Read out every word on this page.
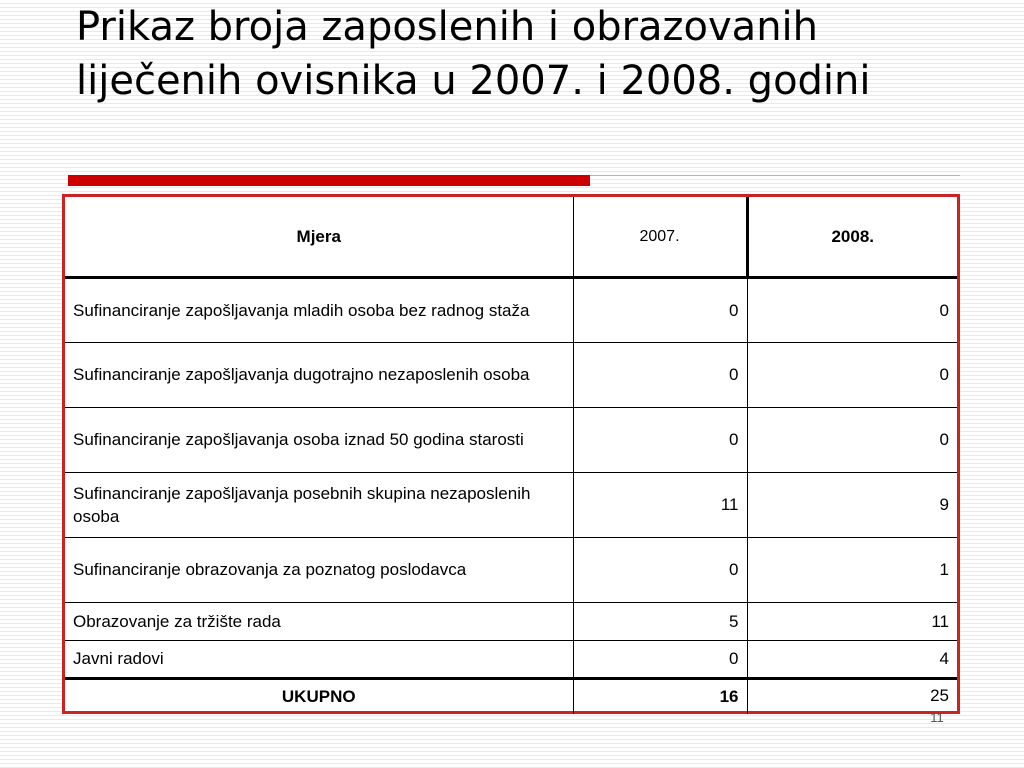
Prikaz broja zaposlenih i obrazovanih liječenih ovisnika u 2007. i 2008. godini
Mjera	2007.	2008.
Sufinanciranje zapošljavanja mladih osoba bez radnog staža	0	0
Sufinanciranje zapošljavanja dugotrajno nezaposlenih osoba	0	0
Sufinanciranje zapošljavanja osoba iznad 50 godina starosti	0	0
Sufinanciranje zapošljavanja posebnih skupina nezaposlenih osoba	11	9
Sufinanciranje obrazovanja za poznatog poslodavca	0	1
Obrazovanje za tržište rada	5	11
Javni radovi	0	4
UKUPNO	16	25
11
